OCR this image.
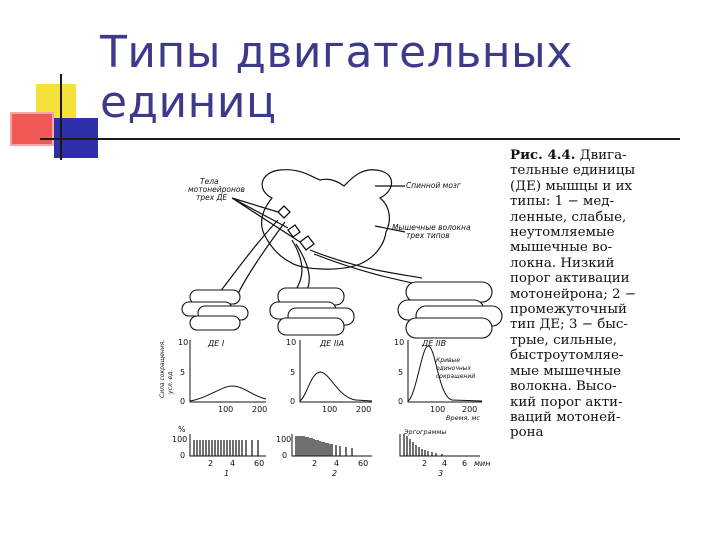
Типы двигательных
единиц
Тела
мотонейронов
трех ДЕ
Спинной мозг
Мышечные волокна
трех типов
Сила сокращения, усл. ед.
10
5
0
100 200
ДЕ I	10
5
0
100 200
ДЕ IIА	10
5
0
100 200
ДЕ IIВ
Кривые
одиночных
сокращений
Время, мс
%
100
0
2 4 60
1
100
0
2 4 60
2
Эргограммы
2 4 6 мин
3
Рис. 4.4. Двига-
тельные единицы
(ДЕ) мышцы и их
типы: 1 − мед-
ленные, слабые,
неутомляемые
мышечные во-
локна. Низкий
порог активации
мотонейрона; 2 −
промежуточный
тип ДЕ; 3 − быс-
трые, сильные,
быстроутомляе-
мые мышечные
волокна. Высо-
кий порог акти-
ваций мотоней-
рона
